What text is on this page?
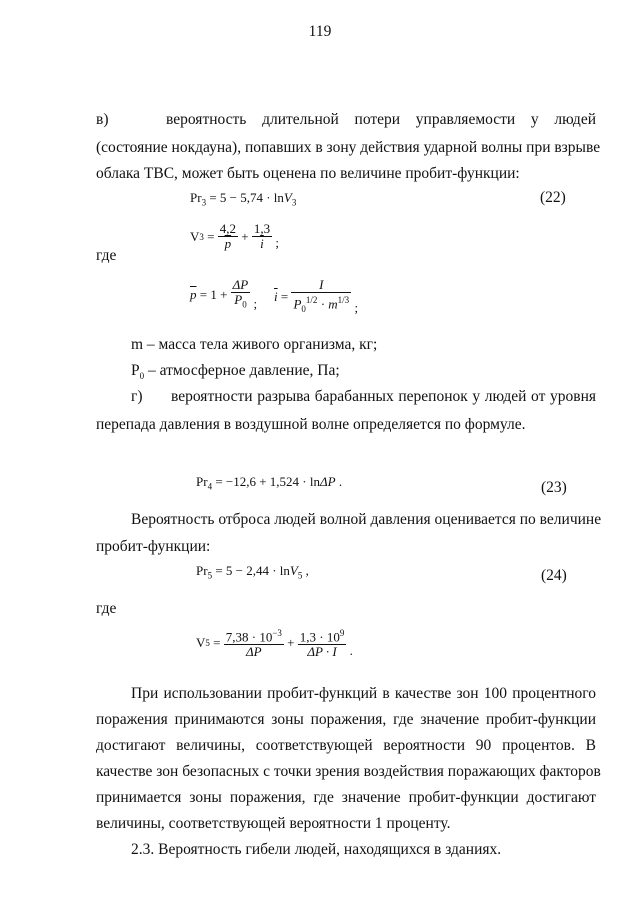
119
в)	вероятность длительной потери управляемости у людей
(состояние нокдауна), попавших в зону действия ударной волны при взрыве
облака ТВС, может быть оценена по величине пробит-функции:
$Pr_3 = 5 - 5,74 \cdot \ln V_3$	(22)
V $3 = \frac{4,2}{p} + \frac{1,3}{i}$ ;
где
$\overline{p} = 1 + \frac{\Delta P}{P_0}$ ; $\overline{i} = \frac{I}{P_0^{1/2} \cdot m^{1/3}}$ ;
m – масса тела живого организма, кг;
$P_0$ – атмосферное давление, Па;
г) вероятности разрыва барабанных перепонок у людей от уровня
перепада давления в воздушной волне определяется по формуле.
$Pr_4 = -12,6 + 1,524 \cdot \ln\Delta P$ .	(23)
Вероятность отброса людей волной давления оценивается по величине
пробит-функции:
$Pr_5 = 5 - 2,44 \cdot \ln V_5$ ,	(24)
где
V $5 = \frac{7,38 \cdot 10^{-3}}{\Delta P} + \frac{1,3 \cdot 10^9}{\Delta P \cdot I}$ .
При использовании пробит-функций в качестве зон 100 процентного
поражения принимаются зоны поражения, где значение пробит-функции
достигают величины, соответствующей вероятности 90 процентов. В
качестве зон безопасных с точки зрения воздействия поражающих факторов
принимается зоны поражения, где значение пробит-функции достигают
величины, соответствующей вероятности 1 проценту.
2.3. Вероятность гибели людей, находящихся в зданиях.
